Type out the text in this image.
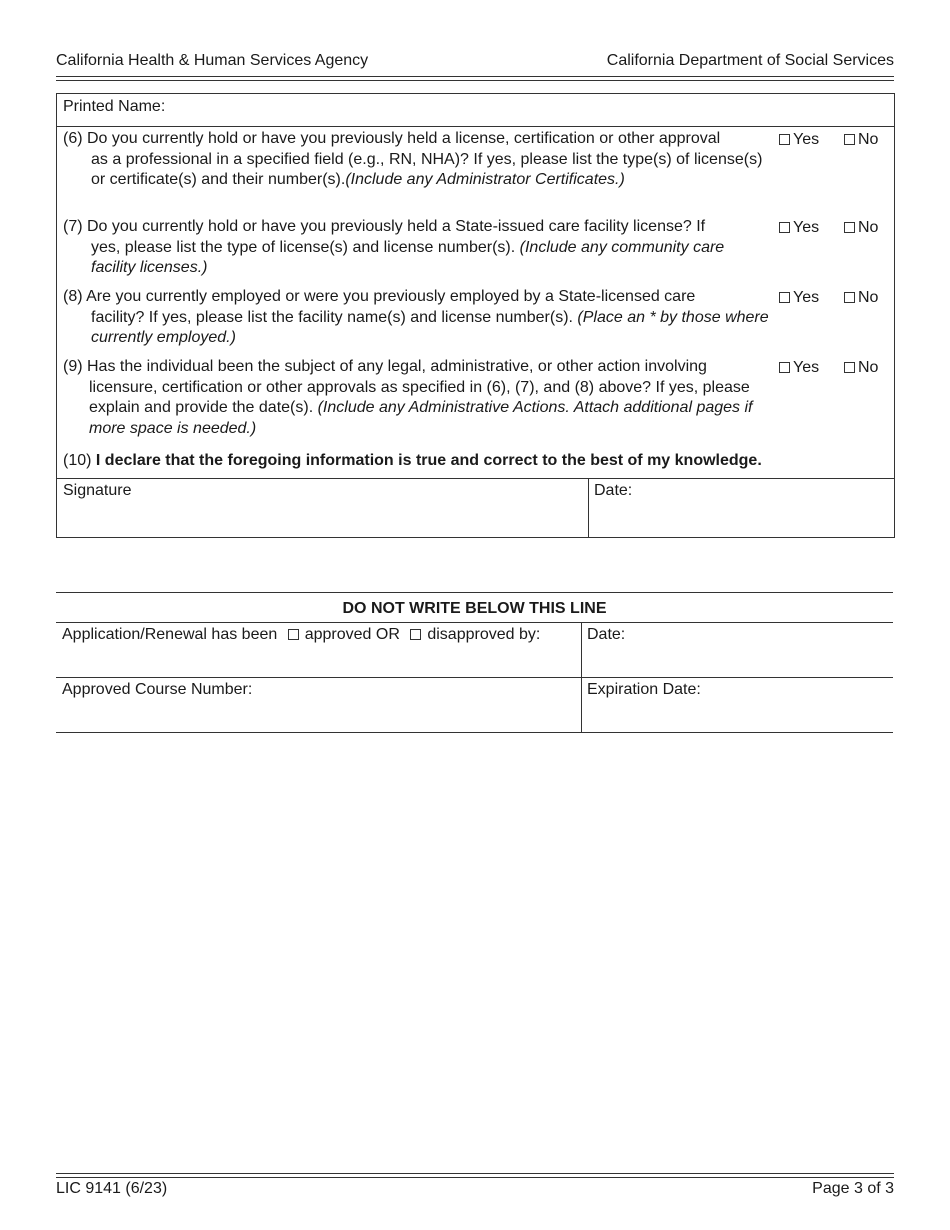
California Health & Human Services Agency	California Department of Social Services
Printed Name:
(6) Do you currently hold or have you previously held a license, certification or other approval
as a professional in a specified field (e.g., RN, NHA)? If yes, please list the type(s) of license(s) or certificate(s) and their number(s).(Include any Administrator Certificates.)
Yes	No
(7) Do you currently hold or have you previously held a State-issued care facility license? If
yes, please list the type of license(s) and license number(s). (Include any community care facility licenses.)
Yes	No
(8) Are you currently employed or were you previously employed by a State-licensed care
facility? If yes, please list the facility name(s) and license number(s). (Place an * by those where currently employed.)
Yes	No
(9) Has the individual been the subject of any legal, administrative, or other action involving
licensure, certification or other approvals as specified in (6), (7), and (8) above? If yes, please explain and provide the date(s). (Include any Administrative Actions. Attach additional pages if more space is needed.)
Yes	No
(10) I declare that the foregoing information is true and correct to the best of my knowledge.
Signature	Date:
DO NOT WRITE BELOW THIS LINE
Application/Renewal has been approved OR disapproved by:	Date:
Approved Course Number:	Expiration Date:
LIC 9141 (6/23)	Page 3 of 3
